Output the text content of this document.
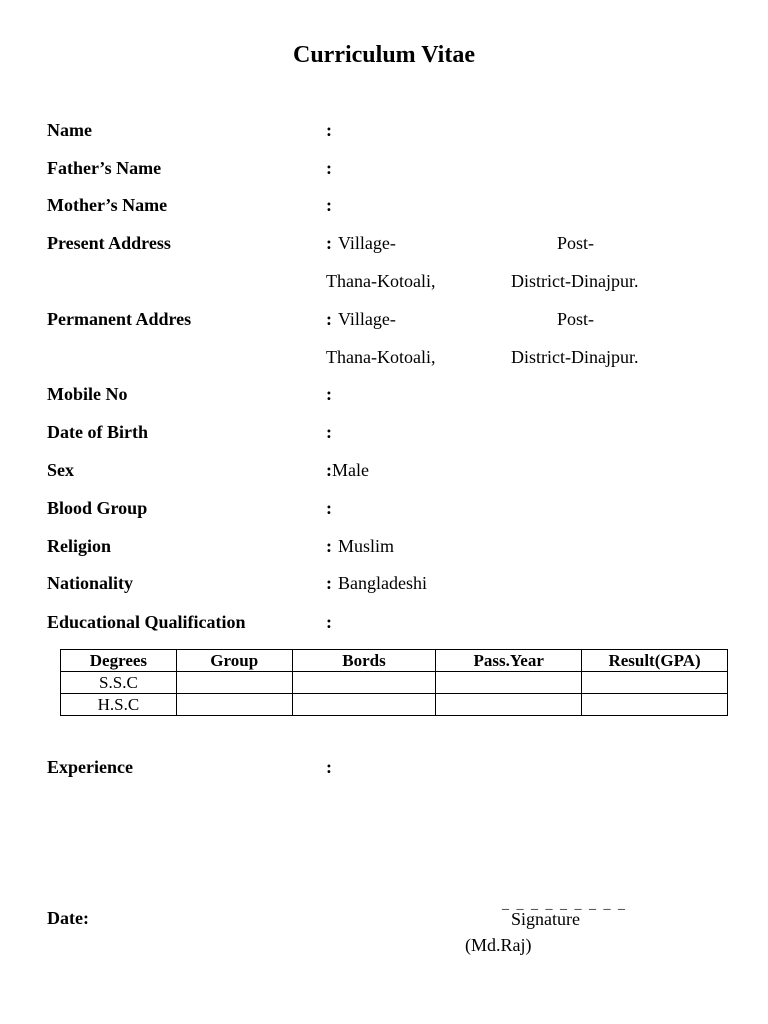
Curriculum Vitae
Name	:
Father’s Name	:
Mother’s Name	:
Present Address	: Village-	Post-
Thana-Kotoali,	District-Dinajpur.
Permanent Addres	: Village-	Post-
Thana-Kotoali,	District-Dinajpur.
Mobile No	:
Date of Birth	:
Sex	: Male
Blood Group	:
Religion	: Muslim
Nationality	: Bangladeshi
Educational Qualification	:
Degrees	Group	Bords	Pass.Year	Result(GPA)
S.S.C				
H.S.C				
Experience	:
Date:
_ _ _ _ _ _ _ _ _
Signature
(Md.Raj)
